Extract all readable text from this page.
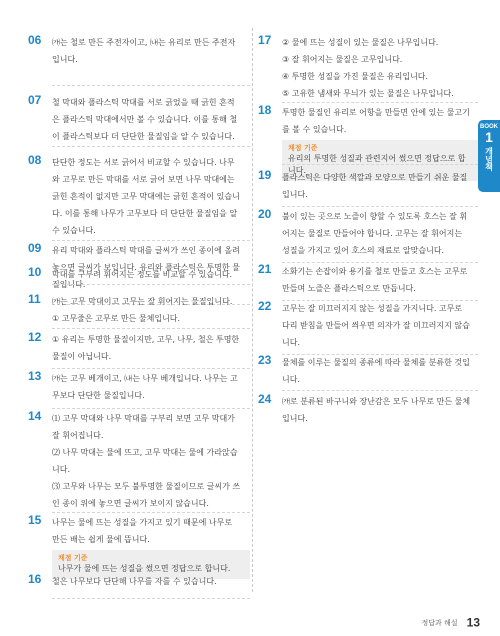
06 ㈎는 철로 만든 주전자이고, ㈏는 유리로 만든 주전자

입니다.

07 철 막대와 플라스틱 막대를 서로 긁었을 때 긁힌 흔적

은 플라스틱 막대에서만 볼 수 있습니다. 이를 통해 철

이 플라스틱보다 더 단단한 물질임을 알 수 있습니다.

08 단단한 정도는 서로 긁어서 비교할 수 있습니다. 나무

와 고무로 만든 막대를 서로 긁어 보면 나무 막대에는

긁힌 흔적이 없지만 고무 막대에는 긁힌 흔적이 있습니

다. 이를 통해 나무가 고무보다 더 단단한 물질임을 알

수 있습니다.

09 유리 막대와 플라스틱 막대를 글씨가 쓰인 종이에 올려

놓으면 글씨가 보입니다. 유리와 플라스틱은 투명한 물

질입니다.

10 막대를 구부려 휘어지는 정도를 비교할 수 있습니다.

11 ㈎는 고무 막대이고 고무는 잘 휘어지는 물질입니다.

① 고무줄은 고무로 만든 물체입니다.

12 ① 유리는 투명한 물질이지만, 고무, 나무, 철은 투명한

물질이 아닙니다.

13 ㈎는 고무 베개이고, ㈏는 나무 베개입니다. 나무는 고

무보다 단단한 물질입니다.

14 ⑴ 고무 막대와 나무 막대를 구부리 보면 고무 막대가

잘 휘어집니다.

⑵ 나무 막대는 물에 뜨고, 고무 막대는 물에 가라앉습

니다.

⑶ 고무와 나무는 모두 불투명한 물질이므로 글씨가 쓰

인 종이 위에 놓으면 글씨가 보이지 않습니다.

15 나무는 물에 뜨는 성질을 가지고 있기 때문에 나무로

만든 배는 쉽게 물에 뜹니다.

채점 기준
나무가 물에 뜨는 성질을 썼으면 정답으로 합니다.
16 철은 나무보다 단단해 나무를 자를 수 있습니다.

17 ② 물에 뜨는 성질이 있는 물질은 나무입니다.

③ 잘 휘어지는 물질은 고무입니다.

④ 투명한 성질을 가진 물질은 유리입니다.

⑤ 고유한 냄새와 무늬가 있는 물질은 나무입니다.

18 투명한 물질인 유리로 어항을 만들면 안에 있는 물고기

를 볼 수 있습니다.

채점 기준
유리의 투명한 성질과 관련지어 썼으면 정답으로 합니다.
19 플라스틱은 다양한 색깔과 모양으로 만들기 쉬운 물질

입니다.

20 불이 있는 곳으로 노즐이 향할 수 있도록 호스는 잘 휘

어지는 물질로 만들어야 합니다. 고무는 잘 휘어지는

성질을 가지고 있어 호스의 재료로 알맞습니다.

21 소화기는 손잡이와 용기를 철로 만들고 호스는 고무로

만들며 노즐은 플라스틱으로 만듭니다.

22 고무는 잘 미끄러지지 않는 성질을 가지니다. 고무로

다리 받침을 만들어 씌우면 의자가 잘 미끄러지지 않습

니다.

23 물체를 이루는 물질의 종류에 따라 물체를 분류한 것입

니다.

24 ㈎로 분류된 바구니와 장난감은 모두 나무로 만든 물체

입니다.

BOOK
1
개념책
정답과 해설 13
